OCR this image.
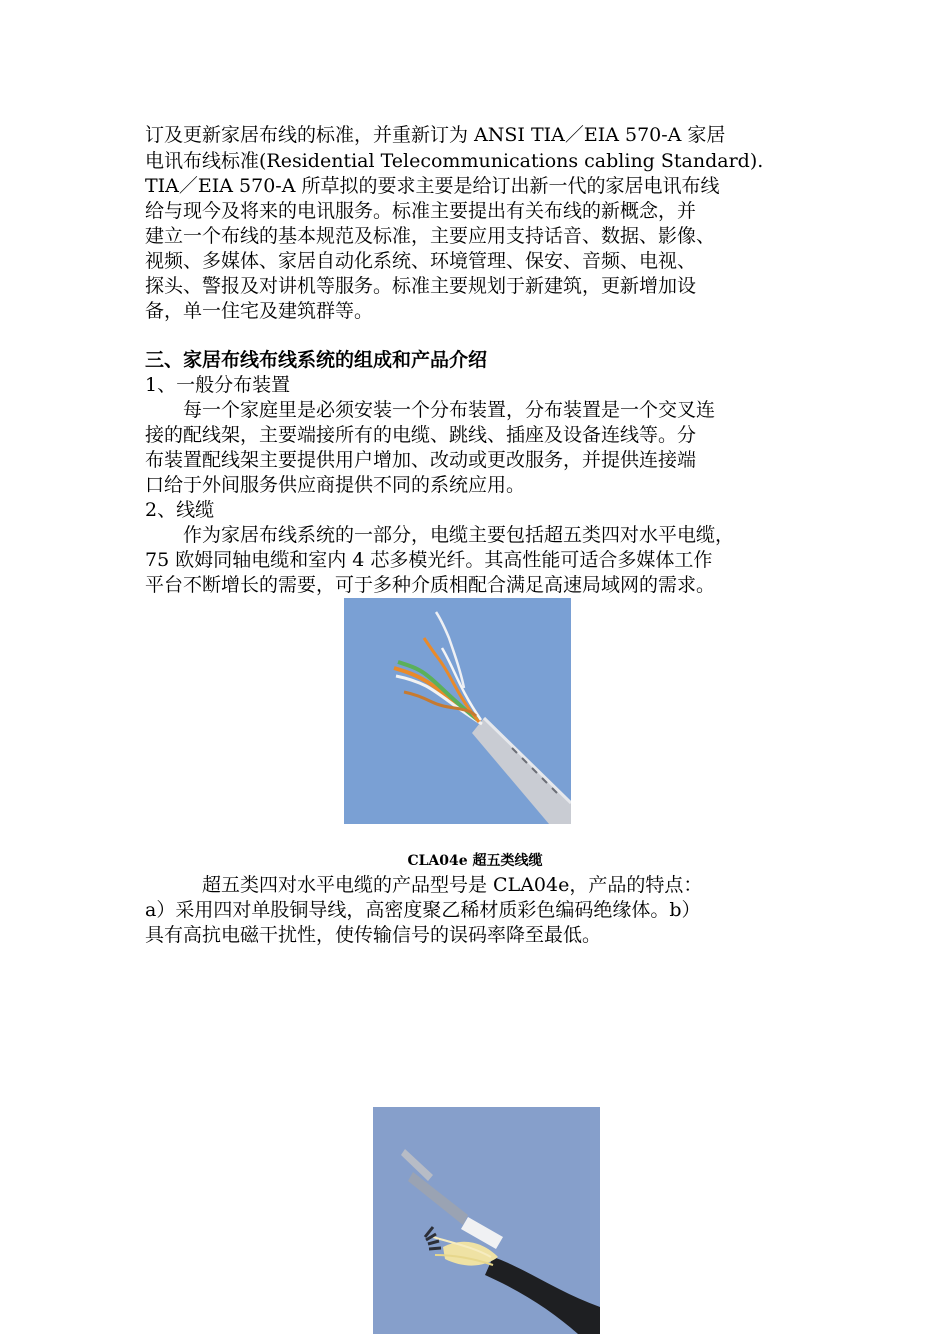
订及更新家居布线的标准，并重新订为 ANSI TIA／EIA 570-A 家居

电讯布线标准(Residential Telecommunications cabling Standard).

TIA／EIA 570-A 所草拟的要求主要是给订出新一代的家居电讯布线

给与现今及将来的电讯服务。标准主要提出有关布线的新概念，并

建立一个布线的基本规范及标准，主要应用支持话音、数据、影像、

视频、多媒体、家居自动化系统、环境管理、保安、音频、电视、

探头、警报及对讲机等服务。标准主要规划于新建筑，更新增加设

备，单一住宅及建筑群等。

三、家居布线布线系统的组成和产品介绍

1、一般分布装置

　　每一个家庭里是必须安装一个分布装置，分布装置是一个交叉连

接的配线架，主要端接所有的电缆、跳线、插座及设备连线等。分

布装置配线架主要提供用户增加、改动或更改服务，并提供连接端

口给于外间服务供应商提供不同的系统应用。

2、线缆

　　作为家居布线系统的一部分，电缆主要包括超五类四对水平电缆，

75 欧姆同轴电缆和室内 4 芯多模光纤。其高性能可适合多媒体工作

平台不断增长的需要，可于多种介质相配合满足高速局域网的需求。

CLA04e 超五类线缆

　　　超五类四对水平电缆的产品型号是 CLA04e，产品的特点：

a）采用四对单股铜导线，高密度聚乙稀材质彩色编码绝缘体。b）

具有高抗电磁干扰性，使传输信号的误码率降至最低。
